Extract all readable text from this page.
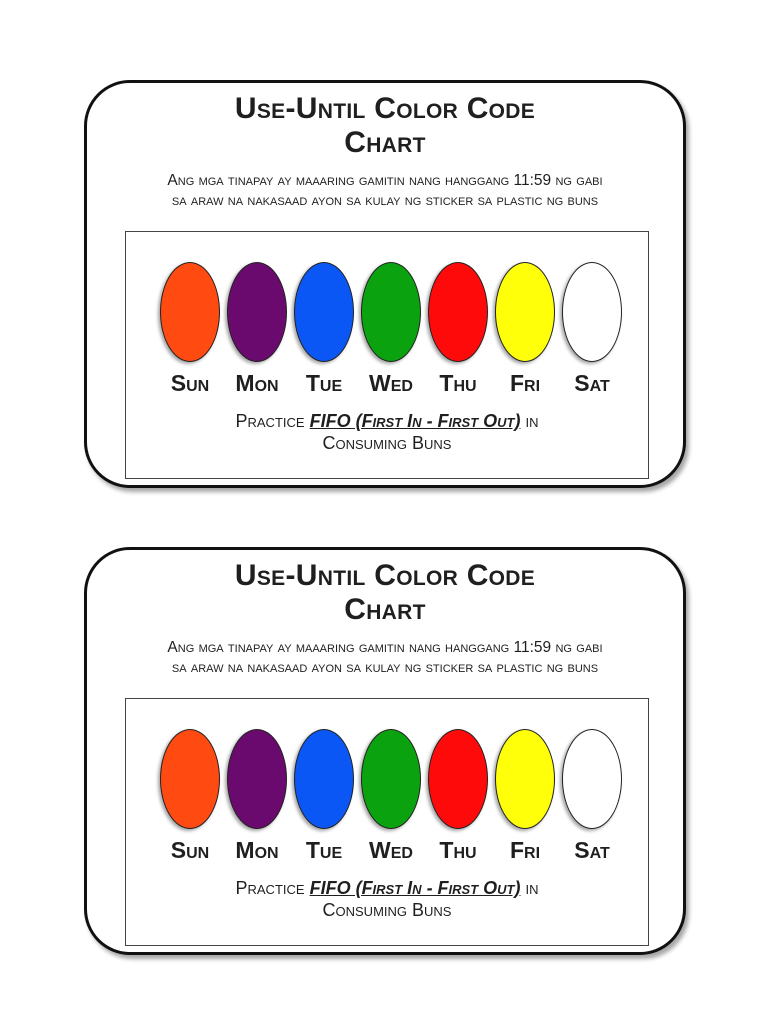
Use-Until Color Code
Chart
Ang mga tinapay ay maaaring gamitin nang hanggang 11:59 ng gabi
sa araw na nakasaad ayon sa kulay ng sticker sa plastic ng buns
Sun	Mon	Tue	Wed	Thu	Fri	Sat
Practice FIFO (First In - First Out) in
Consuming Buns
Use-Until Color Code
Chart
Ang mga tinapay ay maaaring gamitin nang hanggang 11:59 ng gabi
sa araw na nakasaad ayon sa kulay ng sticker sa plastic ng buns
Sun	Mon	Tue	Wed	Thu	Fri	Sat
Practice FIFO (First In - First Out) in
Consuming Buns
